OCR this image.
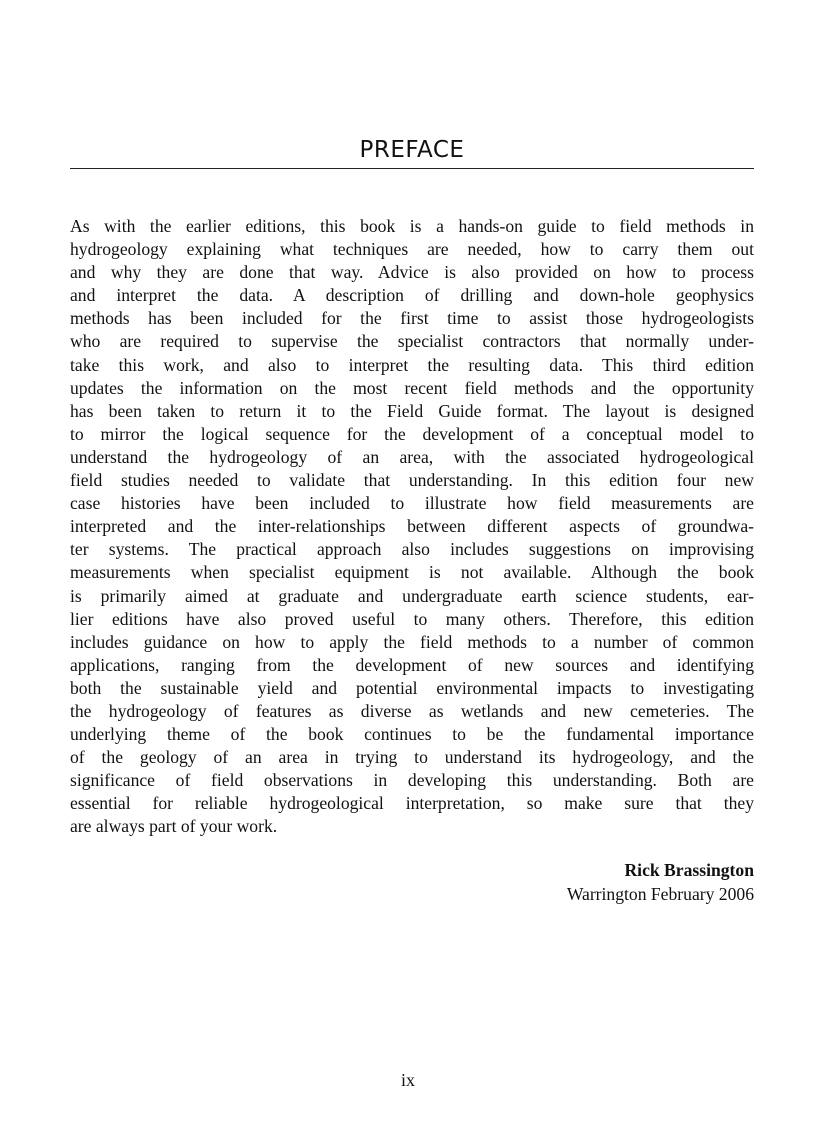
PREFACE
As with the earlier editions, this book is a hands-on guide to field methods in
hydrogeology explaining what techniques are needed, how to carry them out
and why they are done that way. Advice is also provided on how to process
and interpret the data. A description of drilling and down-hole geophysics
methods has been included for the first time to assist those hydrogeologists
who are required to supervise the specialist contractors that normally under-
take this work, and also to interpret the resulting data. This third edition
updates the information on the most recent field methods and the opportunity
has been taken to return it to the Field Guide format. The layout is designed
to mirror the logical sequence for the development of a conceptual model to
understand the hydrogeology of an area, with the associated hydrogeological
field studies needed to validate that understanding. In this edition four new
case histories have been included to illustrate how field measurements are
interpreted and the inter-relationships between different aspects of groundwa-
ter systems. The practical approach also includes suggestions on improvising
measurements when specialist equipment is not available. Although the book
is primarily aimed at graduate and undergraduate earth science students, ear-
lier editions have also proved useful to many others. Therefore, this edition
includes guidance on how to apply the field methods to a number of common
applications, ranging from the development of new sources and identifying
both the sustainable yield and potential environmental impacts to investigating
the hydrogeology of features as diverse as wetlands and new cemeteries. The
underlying theme of the book continues to be the fundamental importance
of the geology of an area in trying to understand its hydrogeology, and the
significance of field observations in developing this understanding. Both are
essential for reliable hydrogeological interpretation, so make sure that they
are always part of your work.
Rick Brassington
Warrington February 2006
ix
